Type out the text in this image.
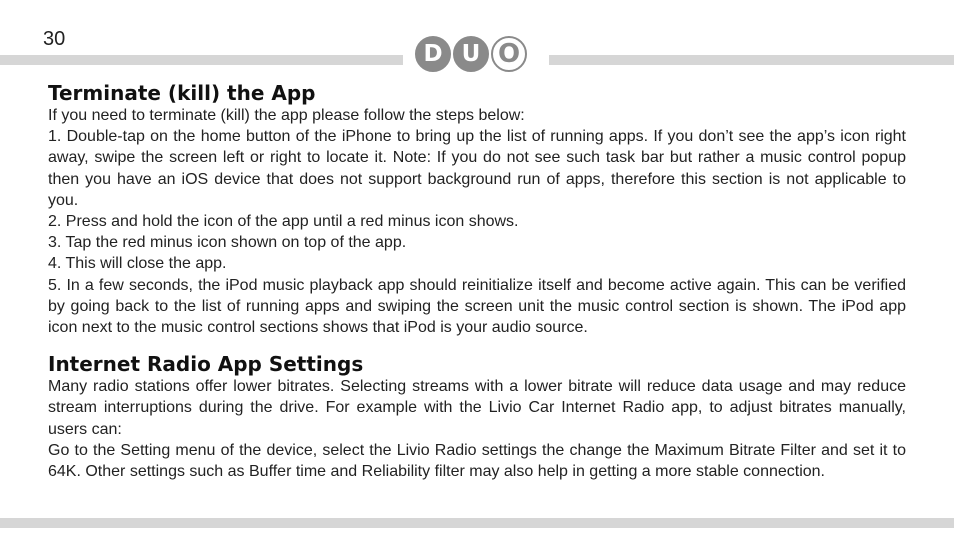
30
D U O
Terminate (kill) the App

If you need to terminate (kill) the app please follow the steps below:

1. Double-tap on the home button of the iPhone to bring up the list of running apps. If you don’t see the app’s icon right away, swipe the screen left or right to locate it. Note: If you do not see such task bar but rather a music control popup then you have an iOS device that does not support background run of apps, therefore this section is not applicable to you.

2. Press and hold the icon of the app until a red minus icon shows.

3. Tap the red minus icon shown on top of the app.

4. This will close the app.

5. In a few seconds, the iPod music playback app should reinitialize itself and become active again. This can be verified by going back to the list of running apps and swiping the screen unit the music control section is shown. The iPod app icon next to the music control sections shows that iPod is your audio source.

Internet Radio App Settings

Many radio stations offer lower bitrates. Selecting streams with a lower bitrate will reduce data usage and may reduce stream interruptions during the drive. For example with the Livio Car Internet Radio app, to adjust bitrates manually, users can:

Go to the Setting menu of the device, select the Livio Radio settings the change the Maximum Bitrate Filter and set it to 64K. Other settings such as Buffer time and Reliability filter may also help in getting a more stable connection.
